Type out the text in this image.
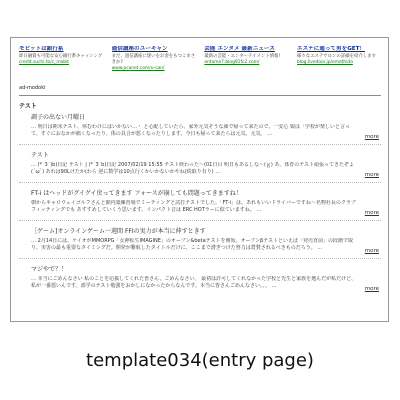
モビットは銀行系
即日融資も可能な安心銀行系キャッシング
credit.suchi.to/c_mobit
過信講座のユーキャン
まだ、過信講座に迷いをお金をもつこまさきか?
www.pcanet.com/u-can/
芸能 エンタメ 最新ニュース
最新の芸能・エンターテイメント情報!
entame7.blog91fc2.com/
エステに通って男をGET！
様々なエステサロンの詳細を紹介します
blog.livedoor.jp/emethida
ad-modoki
テスト
調子の出ない月曜日
… 明日は期末テスト、休むわけにはいかない…・ と心配していたら、家外元気そうな顔で帰って来たので、一安心 娘は「学校が楽しいと言って、すぐにおなかが痛くなったり、体の具合が悪くなったりします。今日も帰って来たらは元気、元気。 …	more
テスト
… (*´3`)b)日記 テスト | (*´3`b)日記 2007/02/19 15:55 テスト終わった〜(01日目 明日もあるしな〜(ｇ) あ、体育のテスト頑張ってきたぞよ(´ω`) あれは90Lけたか(わら 逆に数学は10点行くかいかないかやね(続取り有り) …	more
FT-i はヘッドがグイグイ戻ってきます フォースが崩しても問題ってきますね！
朝からキャロウェイゴルフさんと動内葉練習場でミーティングと試打テストでした。「FT-i」は、あれもいいドライバーですね〜名物社長のクラブフィッティングでも あすすめしていくう思います。インパクト音は ERC HOTラーに似ていますね。 …	more
［ゲーム]オンラインゲーム一週間 FFIの実力が本当に伸すときす
… 2月14日には、ケイオがMMORPG「女神転生IMAGINE」のオープン&betaテストを開始。オープンβテストといえば「発売直前」の段階で取り、実害の最も重要なタイミングだ。開発が難航したタイトルだけに、ここまで漕ぎつけた努力は賞賛されるべきものだろう。 …	more
マジやで？！
… 本当にごめんなさい 私のことを応援してくれた皆さん、ごめんなさい。 最初は許可してくれなかった学校と先生と家族を選んだが私だけど、私が一番悪いんです。部学のテスト勉強をおかしになかったからなんです。本当に皆さんごめんなさい。。。 …	more
template034(entry page)
